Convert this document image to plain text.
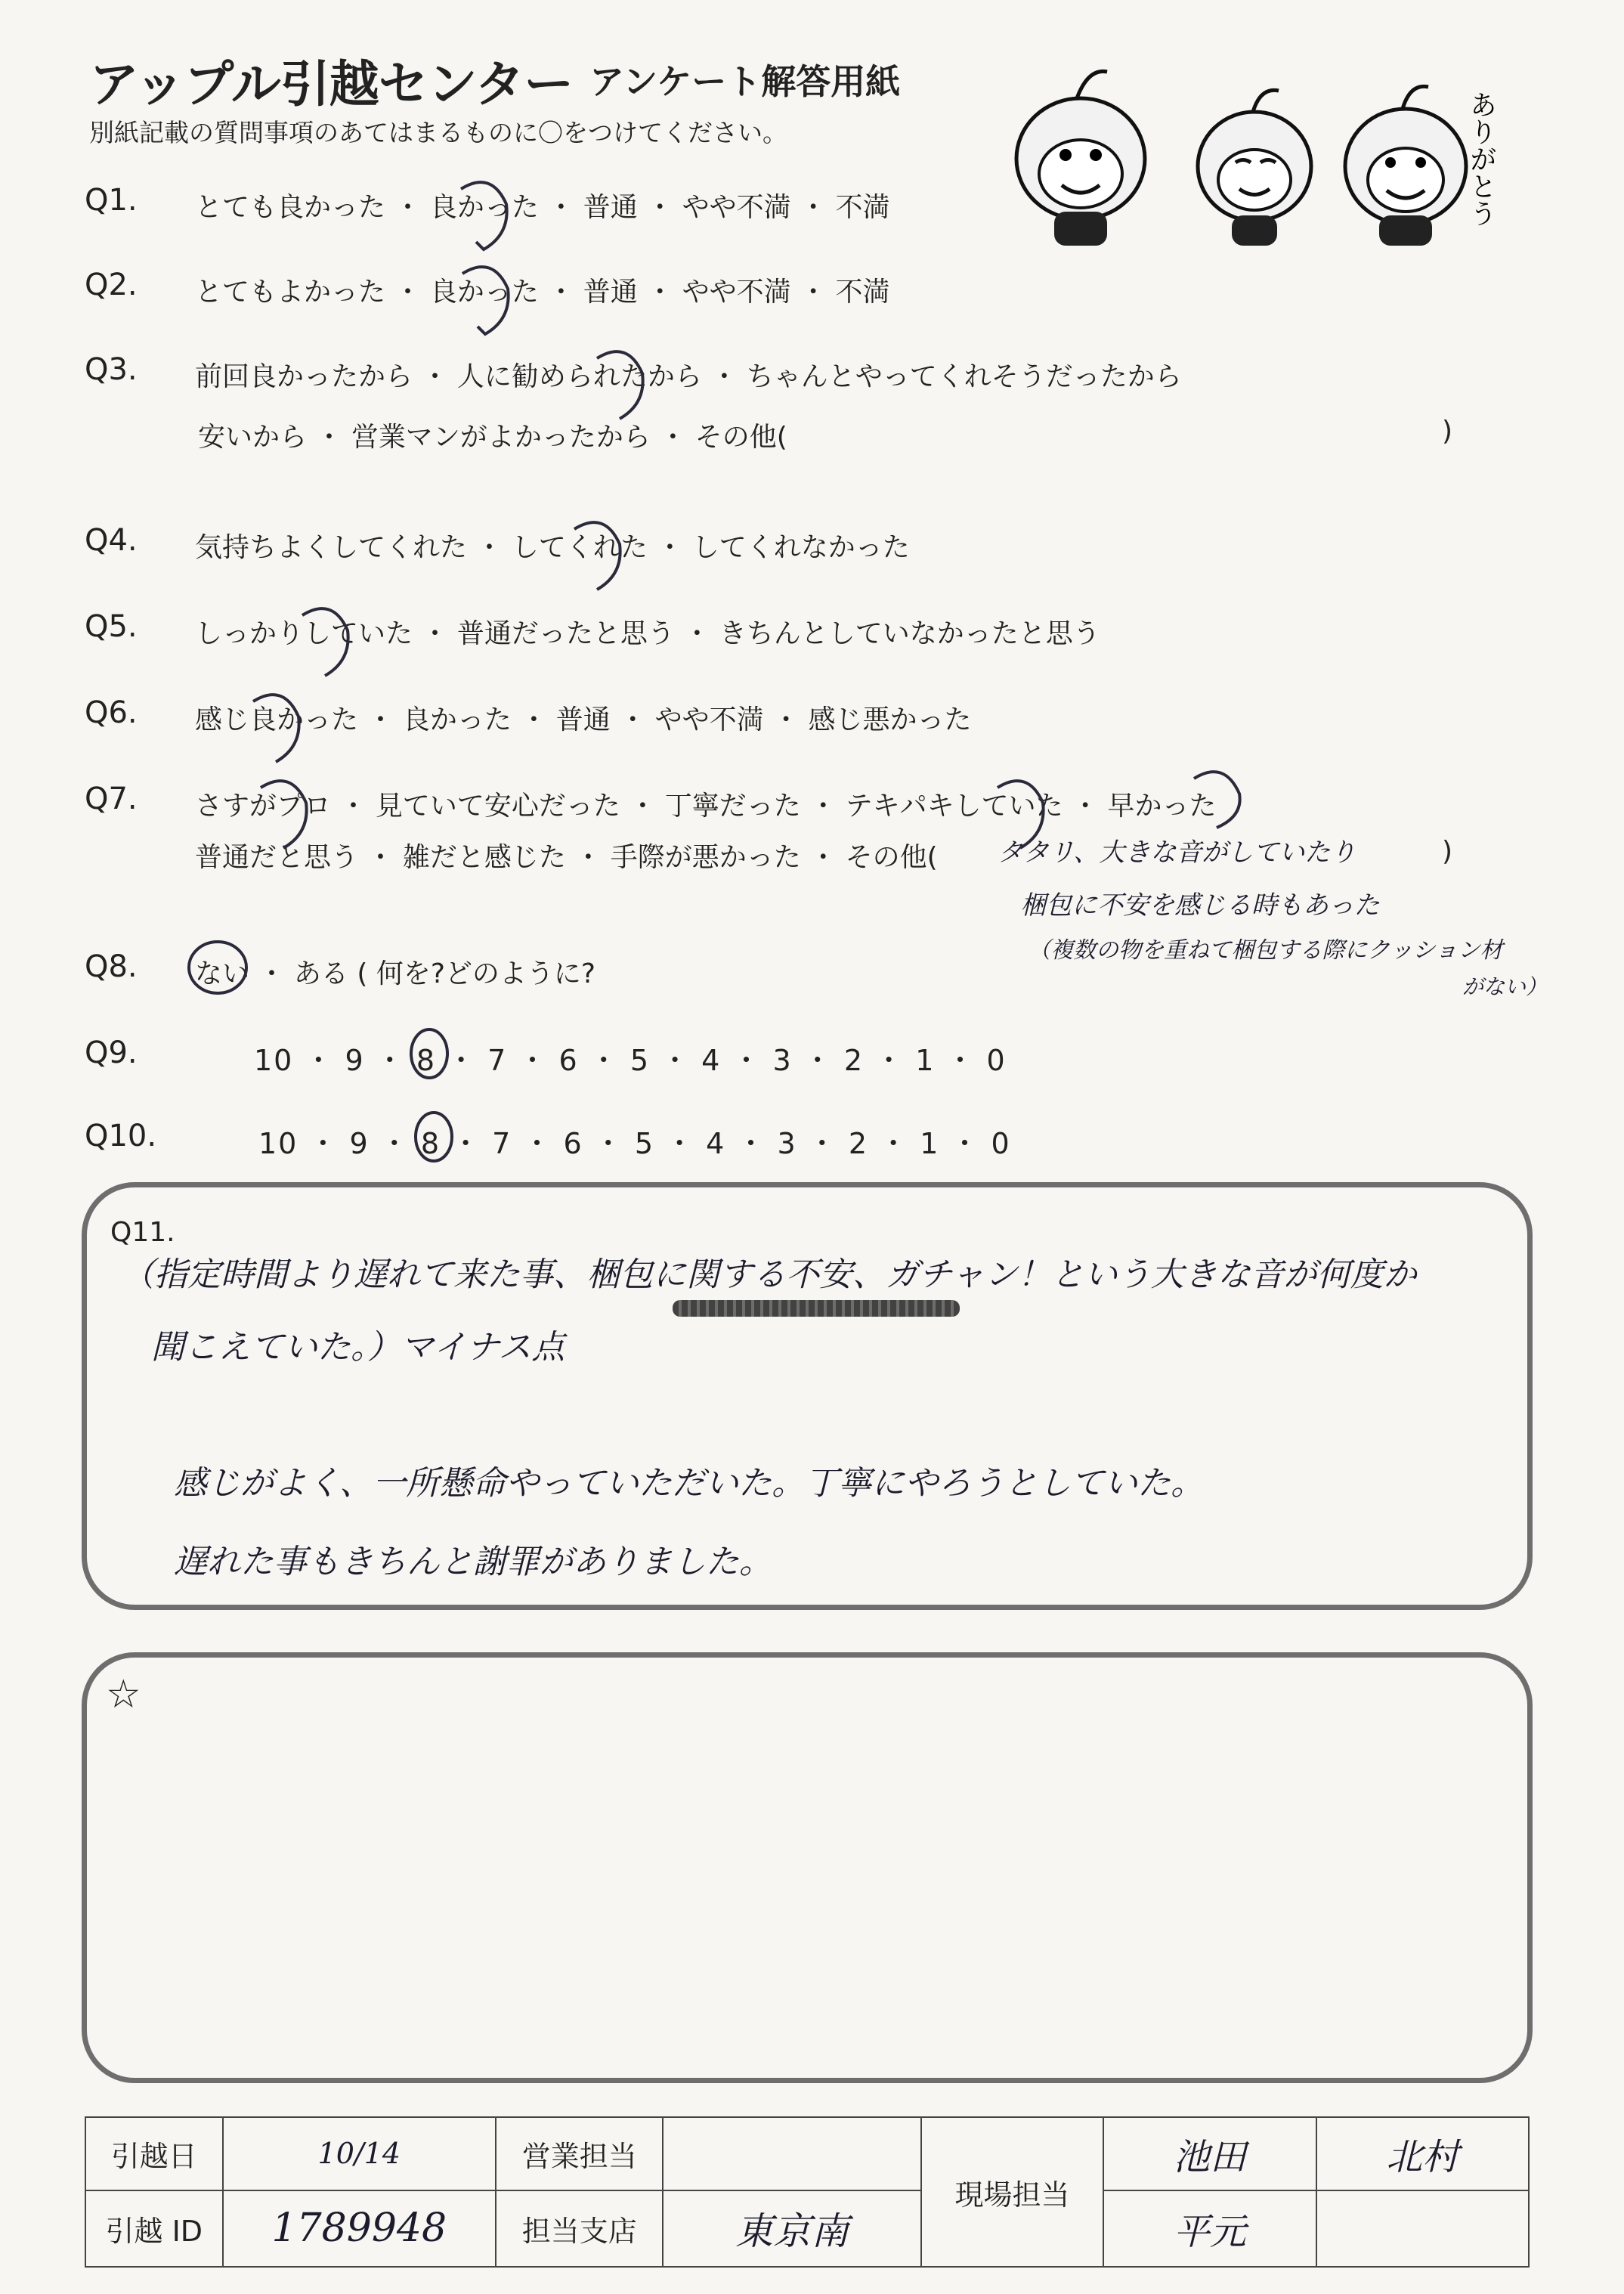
アップル引越センター アンケート解答用紙
別紙記載の質問事項のあてはまるものに〇をつけてください。	ありがとう
Q1. とても良かった ・ 良かった ・ 普通 ・ やや不満 ・ 不満
Q2. とてもよかった ・ 良かった ・ 普通 ・ やや不満 ・ 不満
Q3. 前回良かったから ・ 人に勧められたから ・ ちゃんとやってくれそうだったから
安いから ・ 営業マンがよかったから ・ その他(	)
Q4. 気持ちよくしてくれた ・ してくれた ・ してくれなかった
Q5. しっかりしていた ・ 普通だったと思う ・ きちんとしていなかったと思う
Q6. 感じ良かった ・ 良かった ・ 普通 ・ やや不満 ・ 感じ悪かった
Q7. さすがプロ ・ 見ていて安心だった ・ 丁寧だった ・ テキパキしていた ・ 早かった
普通だと思う ・ 雑だと感じた ・ 手際が悪かった ・ その他(	)
タタリ、大きな音がしていたり
梱包に不安を感じる時もあった
（複数の物を重ねて梱包する際にクッション材
がない）
Q8. ない ・ ある ( 何を?どのように?
Q9.	10 ・ 9 ・ 8 ・ 7 ・ 6 ・ 5 ・ 4 ・ 3 ・ 2 ・ 1 ・ 0
Q10.	10 ・ 9 ・ 8 ・ 7 ・ 6 ・ 5 ・ 4 ・ 3 ・ 2 ・ 1 ・ 0
Q11.
（指定時間より遅れて来た事、梱包に関する不安、ガチャン！という大きな音が何度か
聞こえていた。）マイナス点
感じがよく、一所懸命やっていただいた。丁寧にやろうとしていた。
遅れた事もきちんと謝罪がありました。
☆
引越日	10/14	営業担当		現場担当	池田	北村
引越 ID	1789948	担当支店	東京南		平元	
